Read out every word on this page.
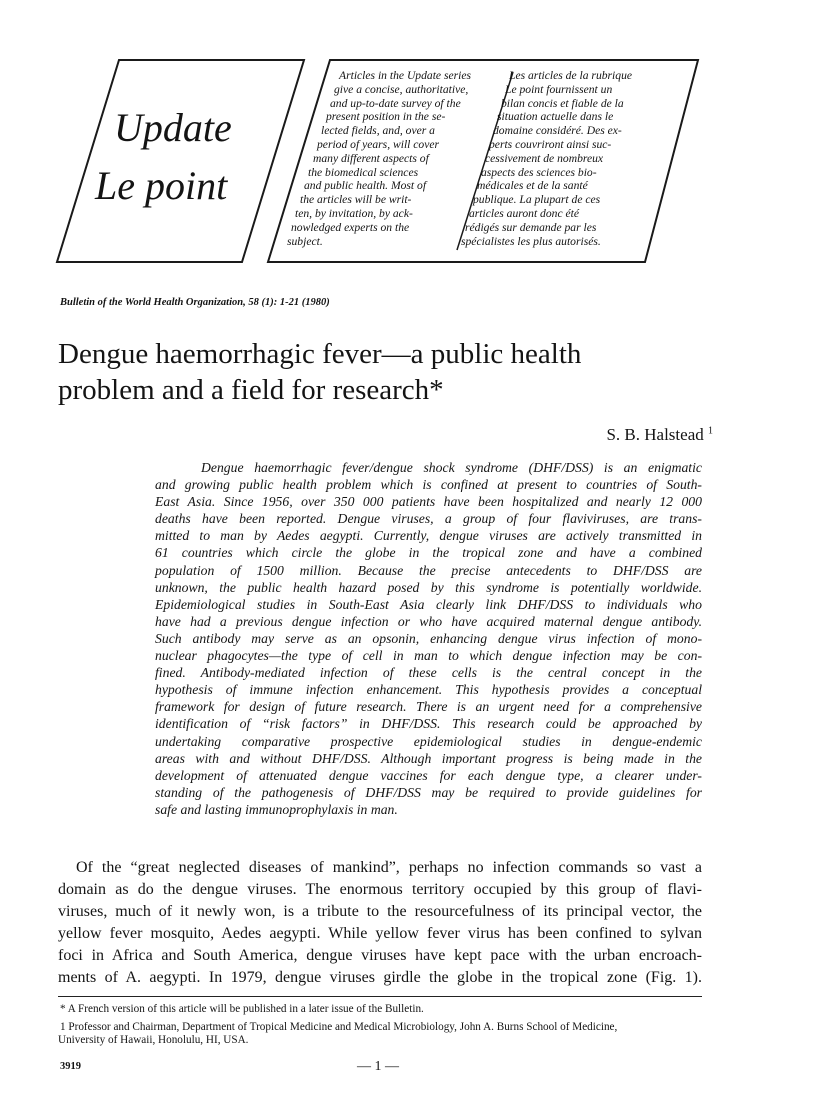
Update
Le point
Articles in the Update series
give a concise, authoritative,
and up-to-date survey of the
present position in the se-
lected fields, and, over a
period of years, will cover
many different aspects of
the biomedical sciences
and public health. Most of
the articles will be writ-
ten, by invitation, by ack-
nowledged experts on the
subject.
Les articles de la rubrique
Le point fournissent un
bilan concis et fiable de la
situation actuelle dans le
domaine considéré. Des ex-
perts couvriront ainsi suc-
cessivement de nombreux
aspects des sciences bio-
médicales et de la santé
publique. La plupart de ces
articles auront donc été
rédigés sur demande par les
spécialistes les plus autorisés.
Bulletin of the World Health Organization, 58 (1): 1-21 (1980)
Dengue haemorrhagic fever—a public health
problem and a field for research*
S. B. Halstead $^1$
Dengue haemorrhagic fever/dengue shock syndrome (DHF/DSS) is an enigmatic
and growing public health problem which is confined at present to countries of South-
East Asia. Since 1956, over 350 000 patients have been hospitalized and nearly 12 000
deaths have been reported. Dengue viruses, a group of four flaviviruses, are trans-
mitted to man by Aedes aegypti. Currently, dengue viruses are actively transmitted in
61 countries which circle the globe in the tropical zone and have a combined
population of 1500 million. Because the precise antecedents to DHF/DSS are
unknown, the public health hazard posed by this syndrome is potentially worldwide.
Epidemiological studies in South-East Asia clearly link DHF/DSS to individuals who
have had a previous dengue infection or who have acquired maternal dengue antibody.
Such antibody may serve as an opsonin, enhancing dengue virus infection of mono-
nuclear phagocytes—the type of cell in man to which dengue infection may be con-
fined. Antibody-mediated infection of these cells is the central concept in the
hypothesis of immune infection enhancement. This hypothesis provides a conceptual
framework for design of future research. There is an urgent need for a comprehensive
identification of “risk factors” in DHF/DSS. This research could be approached by
undertaking comparative prospective epidemiological studies in dengue-endemic
areas with and without DHF/DSS. Although important progress is being made in the
development of attenuated dengue vaccines for each dengue type, a clearer under-
standing of the pathogenesis of DHF/DSS may be required to provide guidelines for
safe and lasting immunoprophylaxis in man.
Of the “great neglected diseases of mankind”, perhaps no infection commands so vast a
domain as do the dengue viruses. The enormous territory occupied by this group of flavi-
viruses, much of it newly won, is a tribute to the resourcefulness of its principal vector, the
yellow fever mosquito, Aedes aegypti. While yellow fever virus has been confined to sylvan
foci in Africa and South America, dengue viruses have kept pace with the urban encroach-
ments of A. aegypti. In 1979, dengue viruses girdle the globe in the tropical zone (Fig. 1).
* A French version of this article will be published in a later issue of the Bulletin.
1 Professor and Chairman, Department of Tropical Medicine and Medical Microbiology, John A. Burns School of Medicine,
University of Hawaii, Honolulu, HI, USA.
3919	— 1 —
